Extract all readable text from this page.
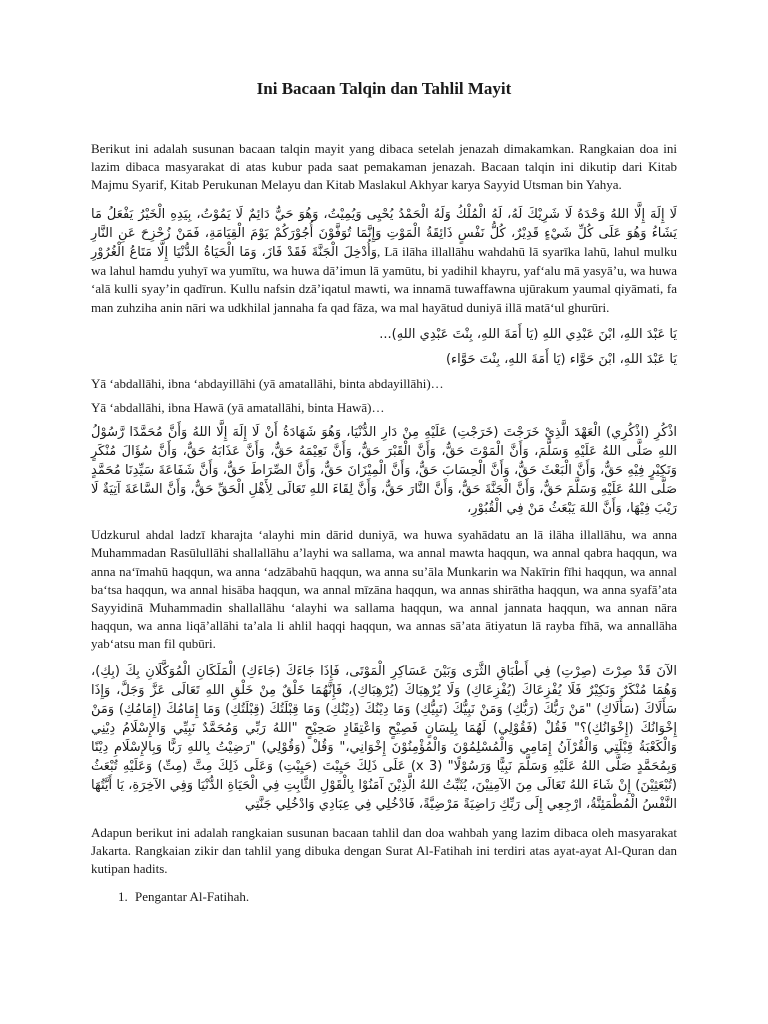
Ini Bacaan Talqin dan Tahlil Mayit

Berikut ini adalah susunan bacaan talqin mayit yang dibaca setelah jenazah dimakamkan. Rangkaian doa ini lazim dibaca masyarakat di atas kubur pada saat pemakaman jenazah. Bacaan talqin ini dikutip dari Kitab Majmu Syarif, Kitab Perukunan Melayu dan Kitab Maslakul Akhyar karya Sayyid Utsman bin Yahya.

لَا إِلَهَ إِلَّا اللهُ وَحْدَهُ لَا شَرِيْكَ لَهُ، لَهُ الْمُلْكُ وَلَهُ الْحَمْدُ يُحْيِى وَيُمِيْتُ، وَهُوَ حَيٌّ دَائِمٌ لَا يَمُوْتُ، بِيَدِهِ الْخَيْرُ يَفْعَلُ مَا يَشَاءُ وَهُوَ عَلَى كُلِّ شَيْءٍ قَدِيْرٌ، كُلُّ نَفْسٍ ذَائِقَةُ الْمَوْتِ وَإِنَّمَا تُوَفَّوْنَ أُجُوْرَكُمْ يَوْمَ الْقِيَامَةِ، فَمَنْ زُحْزِحَ عَنِ النَّارِ وَأُدْخِلَ الْجَنَّةَ فَقَدْ فَازَ، وَمَا الْحَيَاةُ الدُّنْيَا إِلَّا مَتَاعُ الْغُرُوْرِ, Lā ilāha illallāhu wahdahū lā syarīka lahū, lahul mulku wa lahul hamdu yuhyī wa yumītu, wa huwa dā’imun lā yamūtu, bi yadihil khayru, yaf‘alu mā yasyā’u, wa huwa ‘alā kulli syay’in qadīrun. Kullu nafsin dzā’iqatul mawti, wa innamā tuwaffawna ujūrakum yaumal qiyāmati, fa man zuhziha anin nāri wa udkhilal jannaha fa qad fāza, wa mal hayātud duniyā illā matā‘ul ghurūri.

يَا عَبْدَ اللهِ، ابْنَ عَبْدِي اللهِ (يَا أَمَةَ اللهِ، بِنْتَ عَبْدِي اللهِ)...

يَا عَبْدَ اللهِ، ابْنَ حَوَّاء (يَا أَمَةَ اللهِ، بِنْتَ حَوَّاء)

Yā ‘abdallāhi, ibna ‘abdayillāhi (yā amatallāhi, binta abdayillāhi)…

Yā ‘abdallāhi, ibna Hawā (yā amatallāhi, binta Hawā)…

اذْكُرِ (اذْكُرِي) الْعَهْدَ الَّذِيْ خَرَجْتَ (خَرَجْتِ) عَلَيْهِ مِنْ دَارِ الدُّنْيَا، وَهُوَ شَهَادَةُ أَنْ لَا إِلَهَ إِلَّا اللهُ وَأَنَّ مُحَمَّدًا رَّسُوْلُ اللهِ صَلَّى اللهُ عَلَيْهِ وَسَلَّمَ، وَأَنَّ الْمَوْتَ حَقٌّ، وَأَنَّ الْقَبْرَ حَقٌّ، وَأَنَّ نَعِيْمَهُ حَقٌّ، وَأَنَّ عَذَابَهُ حَقٌّ، وَأَنَّ سُؤَالَ مُنْكَرٍ وَنَكِيْرٍ فِيْهِ حَقٌّ، وَأَنَّ الْبَعْثَ حَقٌّ، وَأَنَّ الْحِسَابَ حَقٌّ، وَأَنَّ الْمِيْزَانَ حَقٌّ، وَأَنَّ الصِّرَاطَ حَقٌّ، وَأَنَّ شَفَاعَةَ سَيِّدِنَا مُحَمَّدٍ صَلَّى اللهُ عَلَيْهِ وَسَلَّمَ حَقٌّ، وَأَنَّ الْجَنَّةَ حَقٌّ، وَأَنَّ النَّارَ حَقٌّ، وَأَنَّ لِقَاءَ اللهِ تَعَالَى لِأَهْلِ الْحَقِّ حَقٌّ، وَأَنَّ السَّاعَةَ آتِيَةٌ لَا رَيْبَ فِيْهَا، وَأَنَّ اللهَ يَبْعَثُ مَنْ فِي الْقُبُوْرِ،

Udzkurul ahdal ladzī kharajta ‘alayhi min dārid duniyā, wa huwa syahādatu an lā ilāha illallāhu, wa anna Muhammadan Rasūlullāhi shallallāhu a’layhi wa sallama, wa annal mawta haqqun, wa annal qabra haqqun, wa anna na‘īmahū haqqun, wa anna ‘adzābahū haqqun, wa anna su’āla Munkarin wa Nakīrin fīhi haqqun, wa annal ba‘tsa haqqun, wa annal hisāba haqqun, wa annal mīzāna haqqun, wa annas shirātha haqqun, wa anna syafā’ata Sayyidinā Muhammadin shallallāhu ‘alayhi wa sallama haqqun, wa annal jannata haqqun, wa annan nāra haqqun, wa anna liqā’allāhi ta’ala li ahlil haqqi haqqun, wa annas sā’ata ātiyatun lā rayba fīhā, wa annallāha yab‘atsu man fil qubūri.

الآنَ قَدْ صِرْتَ (صِرْتِ) فِي أَطْبَاقِ الثَّرَى وَبَيْنَ عَسَاكِرِ الْمَوْتَى، فَإِذَا جَاءَكَ (جَاءَكِ) الْمَلَكَانِ الْمُوَكَّلَانِ بِكَ (بِكِ)، وَهُمَا مُنْكَرٌ وَنَكِيْرٌ فَلَا يُفْزِعَاكَ (يُفْزِعَاكِ) وَلَا يُرْهِبَاكَ (يُرْهِبَاكِ)، فَإِنَّهُمَا خَلْقٌ مِنْ خَلْقِ اللهِ تَعَالَى عَزَّ وَجَلَّ، وَإِذَا سَأَلَاكَ (سَأَلَاكِ) "مَنْ رَبُّكَ (رَبُّكِ) وَمَنْ نَبِيُّكَ (نَبِيُّكِ) وَمَا دِيْنُكَ (دِيْنُكِ) وَمَا قِبْلَتُكَ (قِبْلَتُكِ) وَمَا إِمَامُكَ (إِمَامُكِ) وَمَنْ إِخْوَانُكَ (إِخْوَانُكِ)؟" فَقُلْ (فَقُوْلِي) لَهُمَا بِلِسَانٍ فَصِيْحٍ وَاعْتِقَادٍ صَحِيْحٍ "اللهُ رَبِّي وَمُحَمَّدٌ نَبِيِّي وَالإِسْلَامُ دِيْنِي وَالْكَعْبَةُ قِبْلَتِي وَالْقُرْآنُ إِمَامِي وَالْمُسْلِمُوْنَ وَالْمُؤْمِنُوْنَ إِخْوَانِي،" وَقُلْ (وَقُوْلِي) "رَضِيْتُ بِاللهِ رَبًّا وَبِالإِسْلَامِ دِيْنًا وَبِمُحَمَّدٍ صَلَّى اللهُ عَلَيْهِ وَسَلَّمَ نَبِيًّا وَرَسُوْلًا" (3 x) عَلَى ذَلِكَ حَيِيْتَ (حَيِيْتِ) وَعَلَى ذَلِكَ مِتَّ (مِتِّ) وَعَلَيْهِ تُبْعَثُ (تُبْعَثِيْنَ) إِنْ شَاءَ اللهُ تَعَالَى مِنَ الآمِنِيْنَ، يُثَبِّتُ اللهُ الَّذِيْنَ آمَنُوْا بِالْقَوْلِ الثَّابِتِ فِي الْحَيَاةِ الدُّنْيَا وَفِي الآخِرَةِ، يَا أَيَّتُهَا النَّفْسُ الْمُطْمَئِنَّةُ، ارْجِعِي إِلَى رَبِّكِ رَاضِيَةً مَرْضِيَّةً، فَادْخُلِي فِي عِبَادِي وَادْخُلِي جَنَّتِي

Adapun berikut ini adalah rangkaian susunan bacaan tahlil dan doa wahbah yang lazim dibaca oleh masyarakat Jakarta. Rangkaian zikir dan tahlil yang dibuka dengan Surat Al-Fatihah ini terdiri atas ayat-ayat Al-Quran dan kutipan hadits.

1. Pengantar Al-Fatihah.
